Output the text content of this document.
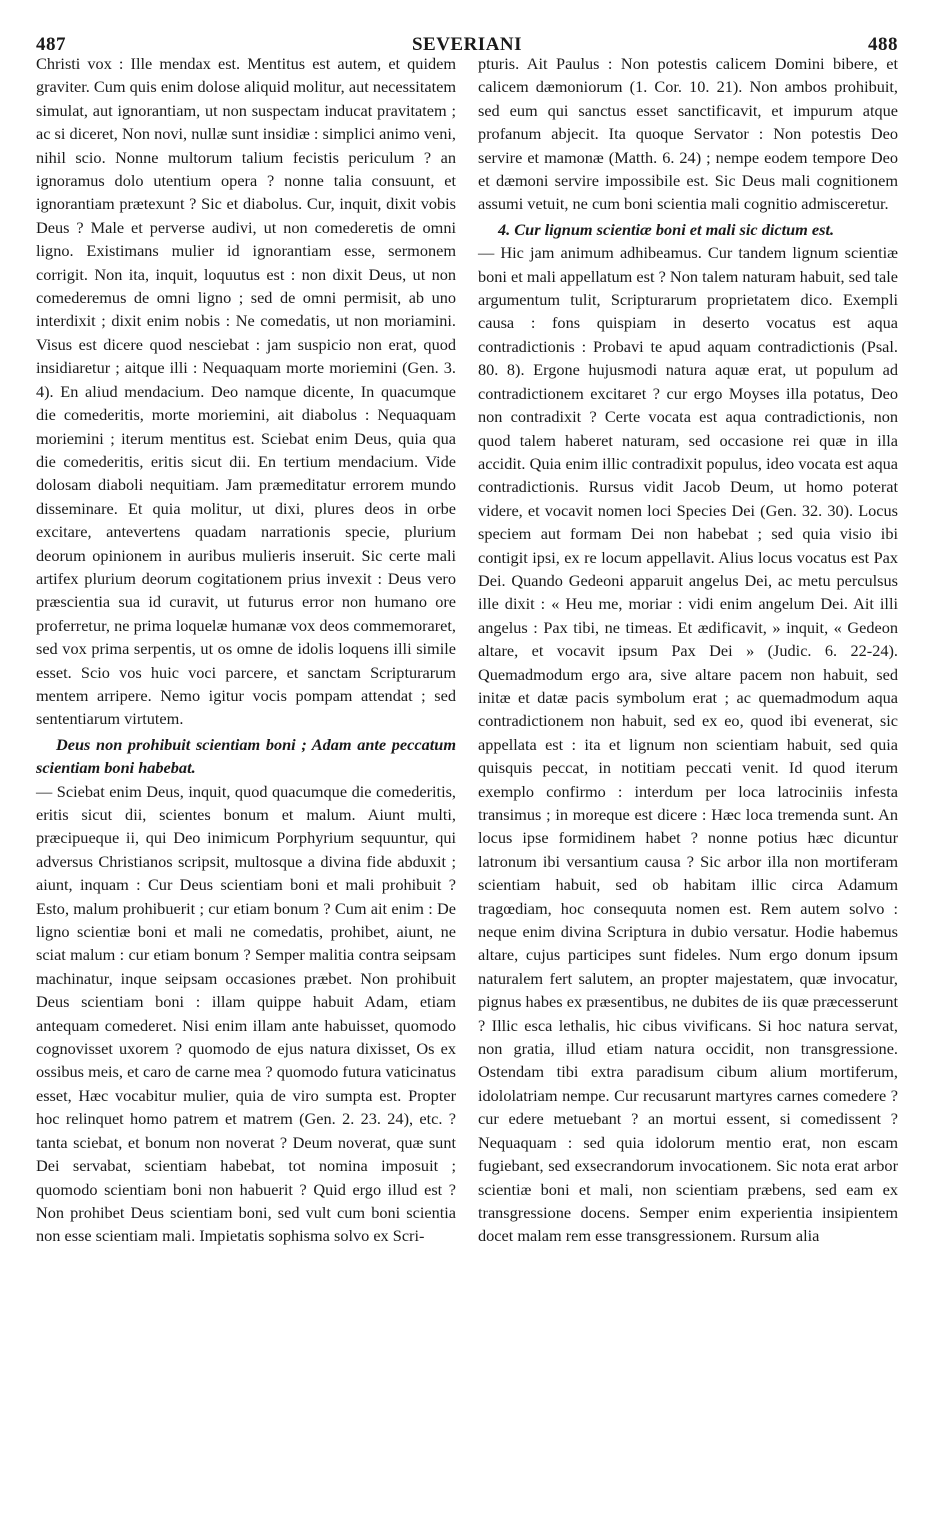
487	SEVERIANI	488

Christi vox : Ille mendax est. Mentitus est autem, et quidem graviter. Cum quis enim dolose aliquid molitur, aut necessitatem simulat, aut ignorantiam, ut non suspectam inducat pravitatem ; ac si diceret, Non novi, nullæ sunt insidiæ : simplici animo veni, nihil scio. Nonne multorum talium fecistis periculum ? an ignoramus dolo utentium opera ? nonne talia consuunt, et ignorantiam prætexunt ? Sic et diabolus. Cur, inquit, dixit vobis Deus ? Male et perverse audivi, ut non comederetis de omni ligno. Existimans mulier id ignorantiam esse, sermonem corrigit. Non ita, inquit, loquutus est : non dixit Deus, ut non comederemus de omni ligno ; sed de omni permisit, ab uno interdixit ; dixit enim nobis : Ne comedatis, ut non moriamini. Visus est dicere quod nesciebat : jam suspicio non erat, quod insidiaretur ; aitque illi : Nequaquam morte moriemini (Gen. 3. 4). En aliud mendacium. Deo namque dicente, In quacumque die comederitis, morte moriemini, ait diabolus : Nequaquam moriemini ; iterum mentitus est. Sciebat enim Deus, quia qua die comederitis, eritis sicut dii. En tertium mendacium. Vide dolosam diaboli nequitiam. Jam præmeditatur errorem mundo disseminare. Et quia molitur, ut dixi, plures deos in orbe excitare, antevertens quadam narrationis specie, plurium deorum opinionem in auribus mulieris inseruit. Sic certe mali artifex plurium deorum cogitationem prius invexit : Deus vero præscientia sua id curavit, ut futurus error non humano ore proferretur, ne prima loquelæ humanæ vox deos commemoraret, sed vox prima serpentis, ut os omne de idolis loquens illi simile esset. Scio vos huic voci parcere, et sanctam Scripturarum mentem arripere. Nemo igitur vocis pompam attendat ; sed sententiarum virtutem.

Deus non prohibuit scientiam boni ; Adam ante peccatum scientiam boni habebat.

— Sciebat enim Deus, inquit, quod quacumque die comederitis, eritis sicut dii, scientes bonum et malum. Aiunt multi, præcipueque ii, qui Deo inimicum Porphyrium sequuntur, qui adversus Christianos scripsit, multosque a divina fide abduxit ; aiunt, inquam : Cur Deus scientiam boni et mali prohibuit ? Esto, malum prohibuerit ; cur etiam bonum ? Cum ait enim : De ligno scientiæ boni et mali ne comedatis, prohibet, aiunt, ne sciat malum : cur etiam bonum ? Semper malitia contra seipsam machinatur, inque seipsam occasiones præbet. Non prohibuit Deus scientiam boni : illam quippe habuit Adam, etiam antequam comederet. Nisi enim illam ante habuisset, quomodo cognovisset uxorem ? quomodo de ejus natura dixisset, Os ex ossibus meis, et caro de carne mea ? quomodo futura vaticinatus esset, Hæc vocabitur mulier, quia de viro sumpta est. Propter hoc relinquet homo patrem et matrem (Gen. 2. 23. 24), etc. ? tanta sciebat, et bonum non noverat ? Deum noverat, quæ sunt Dei servabat, scientiam habebat, tot nomina imposuit ; quomodo scientiam boni non habuerit ? Quid ergo illud est ? Non prohibet Deus scientiam boni, sed vult cum boni scientia non esse scientiam mali. Impietatis sophisma solvo ex Scri-

pturis. Ait Paulus : Non potestis calicem Domini bibere, et calicem dæmoniorum (1. Cor. 10. 21). Non ambos prohibuit, sed eum qui sanctus esset sanctificavit, et impurum atque profanum abjecit. Ita quoque Servator : Non potestis Deo servire et mamonæ (Matth. 6. 24) ; nempe eodem tempore Deo et dæmoni servire impossibile est. Sic Deus mali cognitionem assumi vetuit, ne cum boni scientia mali cognitio admisceretur.

4. Cur lignum scientiæ boni et mali sic dictum est.

— Hic jam animum adhibeamus. Cur tandem lignum scientiæ boni et mali appellatum est ? Non talem naturam habuit, sed tale argumentum tulit, Scripturarum proprietatem dico. Exempli causa : fons quispiam in deserto vocatus est aqua contradictionis : Probavi te apud aquam contradictionis (Psal. 80. 8). Ergone hujusmodi natura aquæ erat, ut populum ad contradictionem excitaret ? cur ergo Moyses illa potatus, Deo non contradixit ? Certe vocata est aqua contradictionis, non quod talem haberet naturam, sed occasione rei quæ in illa accidit. Quia enim illic contradixit populus, ideo vocata est aqua contradictionis. Rursus vidit Jacob Deum, ut homo poterat videre, et vocavit nomen loci Species Dei (Gen. 32. 30). Locus speciem aut formam Dei non habebat ; sed quia visio ibi contigit ipsi, ex re locum appellavit. Alius locus vocatus est Pax Dei. Quando Gedeoni apparuit angelus Dei, ac metu perculsus ille dixit : « Heu me, moriar : vidi enim angelum Dei. Ait illi angelus : Pax tibi, ne timeas. Et ædificavit, » inquit, « Gedeon altare, et vocavit ipsum Pax Dei » (Judic. 6. 22-24). Quemadmodum ergo ara, sive altare pacem non habuit, sed initæ et datæ pacis symbolum erat ; ac quemadmodum aqua contradictionem non habuit, sed ex eo, quod ibi evenerat, sic appellata est : ita et lignum non scientiam habuit, sed quia quisquis peccat, in notitiam peccati venit. Id quod iterum exemplo confirmo : interdum per loca latrociniis infesta transimus ; in moreque est dicere : Hæc loca tremenda sunt. An locus ipse formidinem habet ? nonne potius hæc dicuntur latronum ibi versantium causa ? Sic arbor illa non mortiferam scientiam habuit, sed ob habitam illic circa Adamum tragœdiam, hoc consequuta nomen est. Rem autem solvo : neque enim divina Scriptura in dubio versatur. Hodie habemus altare, cujus participes sunt fideles. Num ergo donum ipsum naturalem fert salutem, an propter majestatem, quæ invocatur, pignus habes ex præsentibus, ne dubites de iis quæ præcesserunt ? Illic esca lethalis, hic cibus vivificans. Si hoc natura servat, non gratia, illud etiam natura occidit, non transgressione. Ostendam tibi extra paradisum cibum alium mortiferum, idololatriam nempe. Cur recusarunt martyres carnes comedere ? cur edere metuebant ? an mortui essent, si comedissent ? Nequaquam : sed quia idolorum mentio erat, non escam fugiebant, sed exsecrandorum invocationem. Sic nota erat arbor scientiæ boni et mali, non scientiam præbens, sed eam ex transgressione docens. Semper enim experientia insipientem docet malam rem esse transgressionem. Rursum alia
